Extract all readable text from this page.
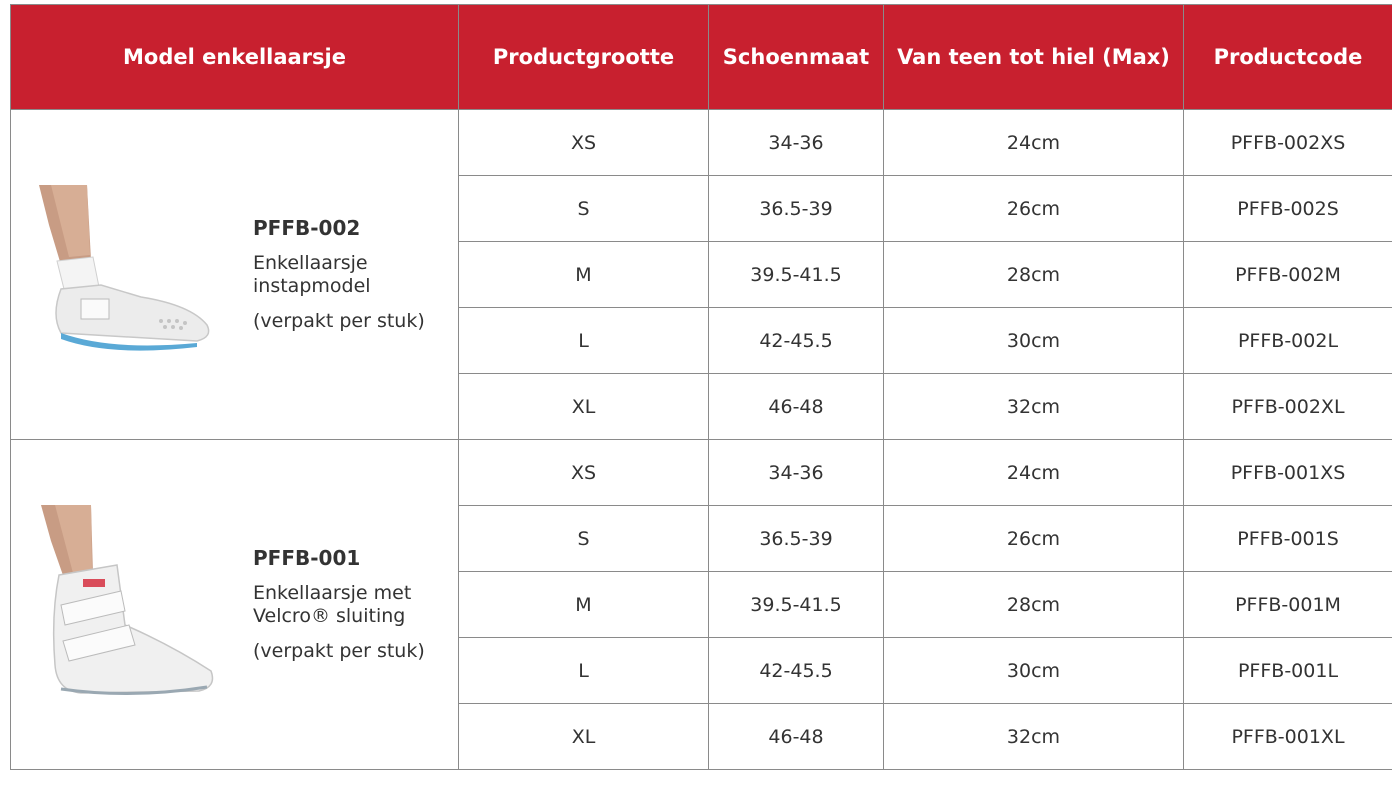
Model enkellaarsje	Productgrootte	Schoenmaat	Van teen tot hiel (Max)	Productcode

PFFB-002
Enkellaarsje instapmodel
(verpakt per stuk)	XS	34-36	24cm	PFFB-002XS
	S	36.5-39	26cm	PFFB-002S
	M	39.5-41.5	28cm	PFFB-002M
	L	42-45.5	30cm	PFFB-002L
	XL	46-48	32cm	PFFB-002XL

PFFB-001
Enkellaarsje met Velcro® sluiting
(verpakt per stuk)	XS	34-36	24cm	PFFB-001XS
	S	36.5-39	26cm	PFFB-001S
	M	39.5-41.5	28cm	PFFB-001M
	L	42-45.5	30cm	PFFB-001L
	XL	46-48	32cm	PFFB-001XL
